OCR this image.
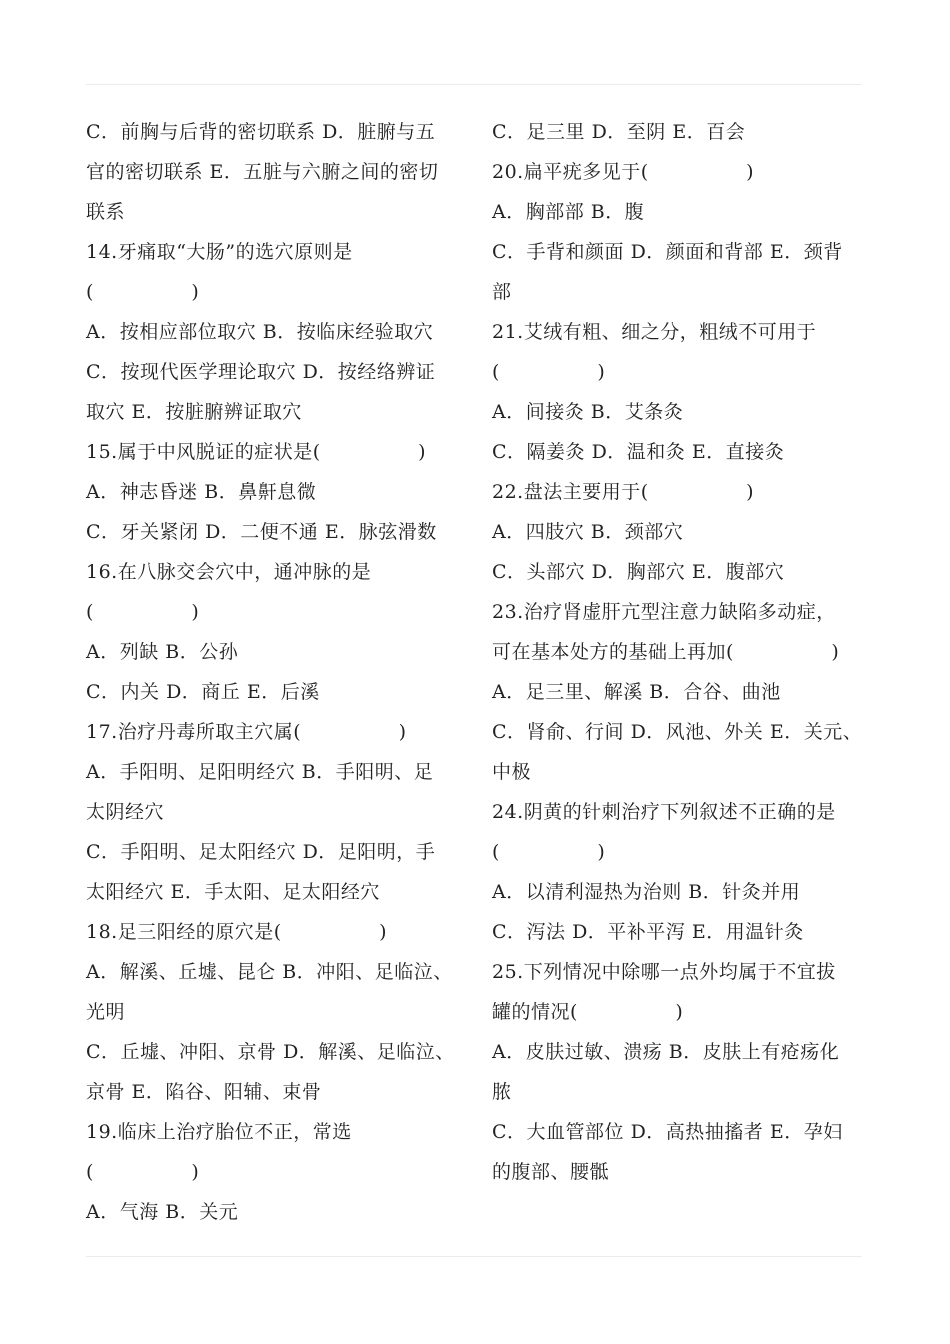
C．前胸与后背的密切联系 D．脏腑与五
官的密切联系 E．五脏与六腑之间的密切
联系
14.牙痛取“大肠”的选穴原则是
(　　　　　)
A．按相应部位取穴 B．按临床经验取穴
C．按现代医学理论取穴 D．按经络辨证
取穴 E．按脏腑辨证取穴
15.属于中风脱证的症状是(　　　　　)
A．神志昏迷 B．鼻鼾息微
C．牙关紧闭 D．二便不通 E．脉弦滑数
16.在八脉交会穴中，通冲脉的是
(　　　　　)
A．列缺 B．公孙
C．内关 D．商丘 E．后溪
17.治疗丹毒所取主穴属(　　　　　)
A．手阳明、足阳明经穴 B．手阳明、足
太阴经穴
C．手阳明、足太阳经穴 D．足阳明，手
太阳经穴 E．手太阳、足太阳经穴
18.足三阳经的原穴是(　　　　　)
A．解溪、丘墟、昆仑 B．冲阳、足临泣、
光明
C．丘墟、冲阳、京骨 D．解溪、足临泣、
京骨 E．陷谷、阳辅、束骨
19.临床上治疗胎位不正，常选
(　　　　　)
A．气海 B．关元
C．足三里 D．至阴 E．百会
20.扁平疣多见于(　　　　　)
A．胸部部 B．腹
C．手背和颜面 D．颜面和背部 E．颈背
部
21.艾绒有粗、细之分，粗绒不可用于
(　　　　　)
A．间接灸 B．艾条灸
C．隔姜灸 D．温和灸 E．直接灸
22.盘法主要用于(　　　　　)
A．四肢穴 B．颈部穴
C．头部穴 D．胸部穴 E．腹部穴
23.治疗肾虚肝亢型注意力缺陷多动症，
可在基本处方的基础上再加(　　　　　)
A．足三里、解溪 B．合谷、曲池
C．肾俞、行间 D．风池、外关 E．关元、
中极
24.阴黄的针刺治疗下列叙述不正确的是
(　　　　　)
A．以清利湿热为治则 B．针灸并用
C．泻法 D．平补平泻 E．用温针灸
25.下列情况中除哪一点外均属于不宜拔
罐的情况(　　　　　)
A．皮肤过敏、溃疡 B．皮肤上有疮疡化
脓
C．大血管部位 D．高热抽搐者 E．孕妇
的腹部、腰骶
